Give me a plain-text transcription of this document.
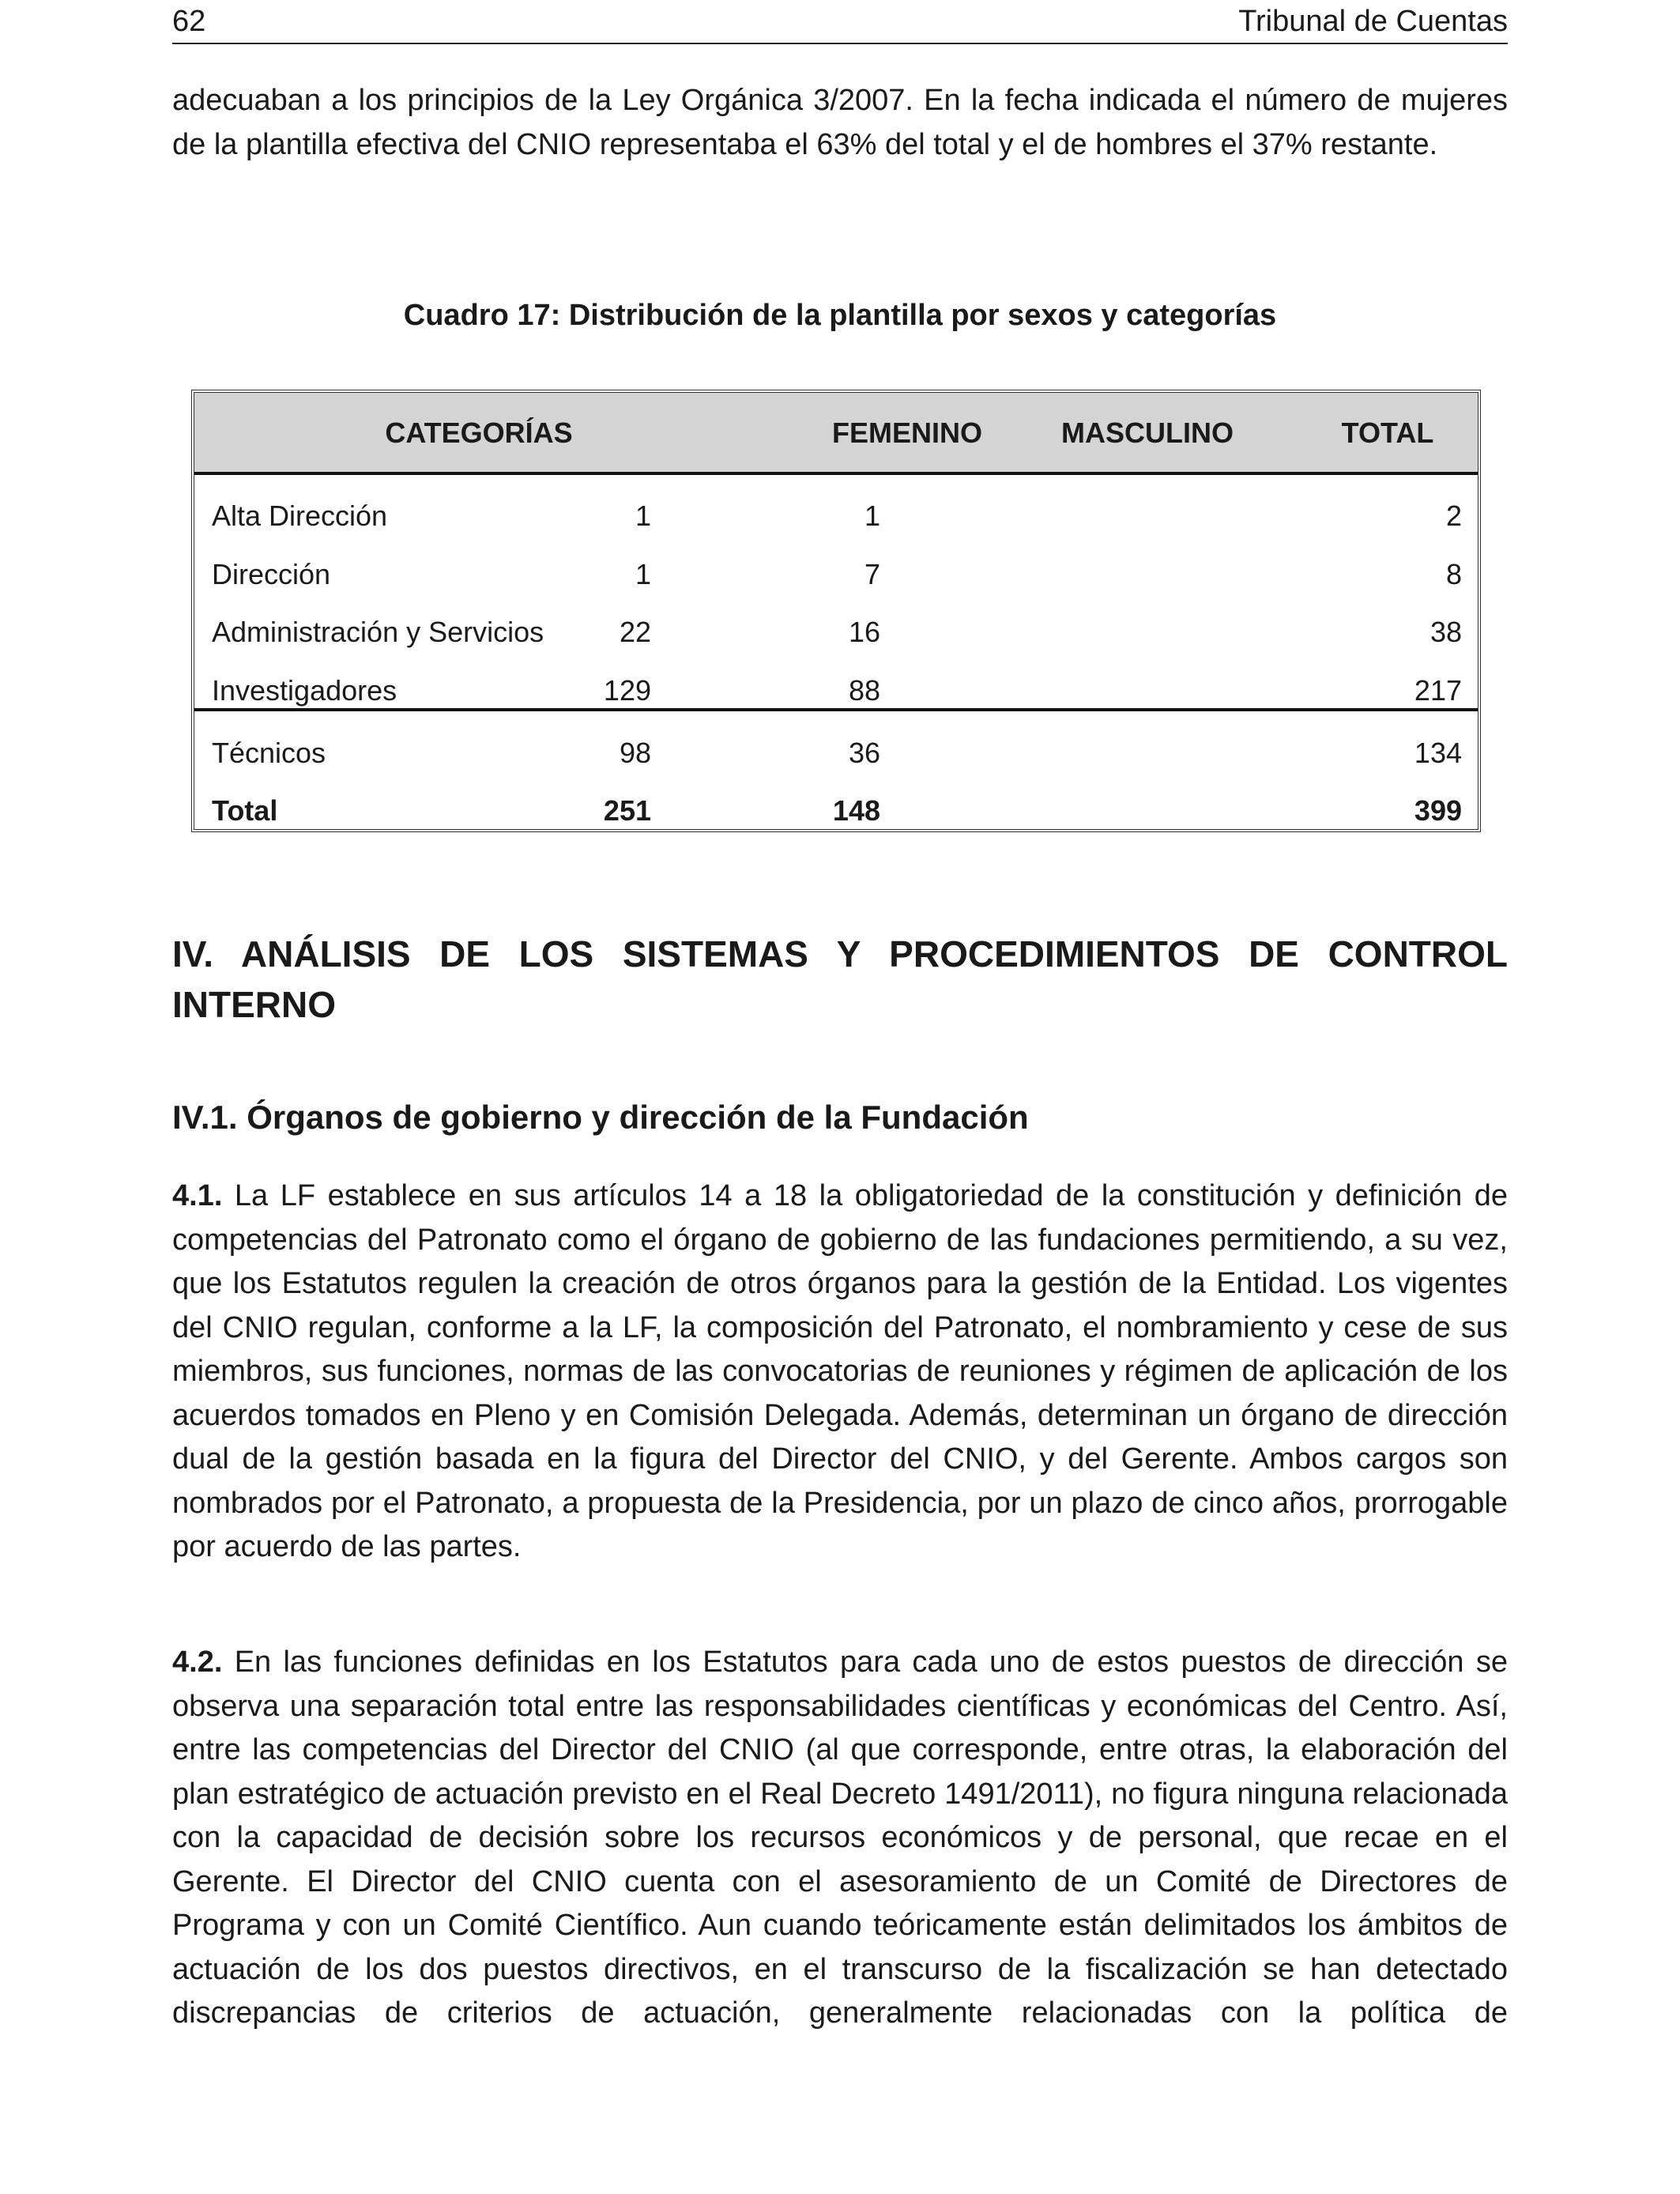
62	Tribunal de Cuentas

adecuaban a los principios de la Ley Orgánica 3/2007. En la fecha indicada el número de mujeres de la plantilla efectiva del CNIO representaba el 63% del total y el de hombres el 37% restante.

Cuadro 17: Distribución de la plantilla por sexos y categorías
CATEGORÍAS	FEMENINO	MASCULINO	TOTAL
Alta Dirección	1	1	2
Dirección	1	7	8
Administración y Servicios	22	16	38
Investigadores	129	88	217
Técnicos	98	36	134
Total	251	148	399
IV. ANÁLISIS DE LOS SISTEMAS Y PROCEDIMIENTOS DE CONTROL INTERNO
IV.1. Órganos de gobierno y dirección de la Fundación

4.1. La LF establece en sus artículos 14 a 18 la obligatoriedad de la constitución y definición de competencias del Patronato como el órgano de gobierno de las fundaciones permitiendo, a su vez, que los Estatutos regulen la creación de otros órganos para la gestión de la Entidad. Los vigentes del CNIO regulan, conforme a la LF, la composición del Patronato, el nombramiento y cese de sus miembros, sus funciones, normas de las convocatorias de reuniones y régimen de aplicación de los acuerdos tomados en Pleno y en Comisión Delegada. Además, determinan un órgano de dirección dual de la gestión basada en la figura del Director del CNIO, y del Gerente. Ambos cargos son nombrados por el Patronato, a propuesta de la Presidencia, por un plazo de cinco años, prorrogable por acuerdo de las partes.

4.2. En las funciones definidas en los Estatutos para cada uno de estos puestos de dirección se observa una separación total entre las responsabilidades científicas y económicas del Centro. Así, entre las competencias del Director del CNIO (al que corresponde, entre otras, la elaboración del plan estratégico de actuación previsto en el Real Decreto 1491/2011), no figura ninguna relacionada con la capacidad de decisión sobre los recursos económicos y de personal, que recae en el Gerente. El Director del CNIO cuenta con el asesoramiento de un Comité de Directores de Programa y con un Comité Científico. Aun cuando teóricamente están delimitados los ámbitos de actuación de los dos puestos directivos, en el transcurso de la fiscalización se han detectado discrepancias de criterios de actuación, generalmente relacionadas con la política de
